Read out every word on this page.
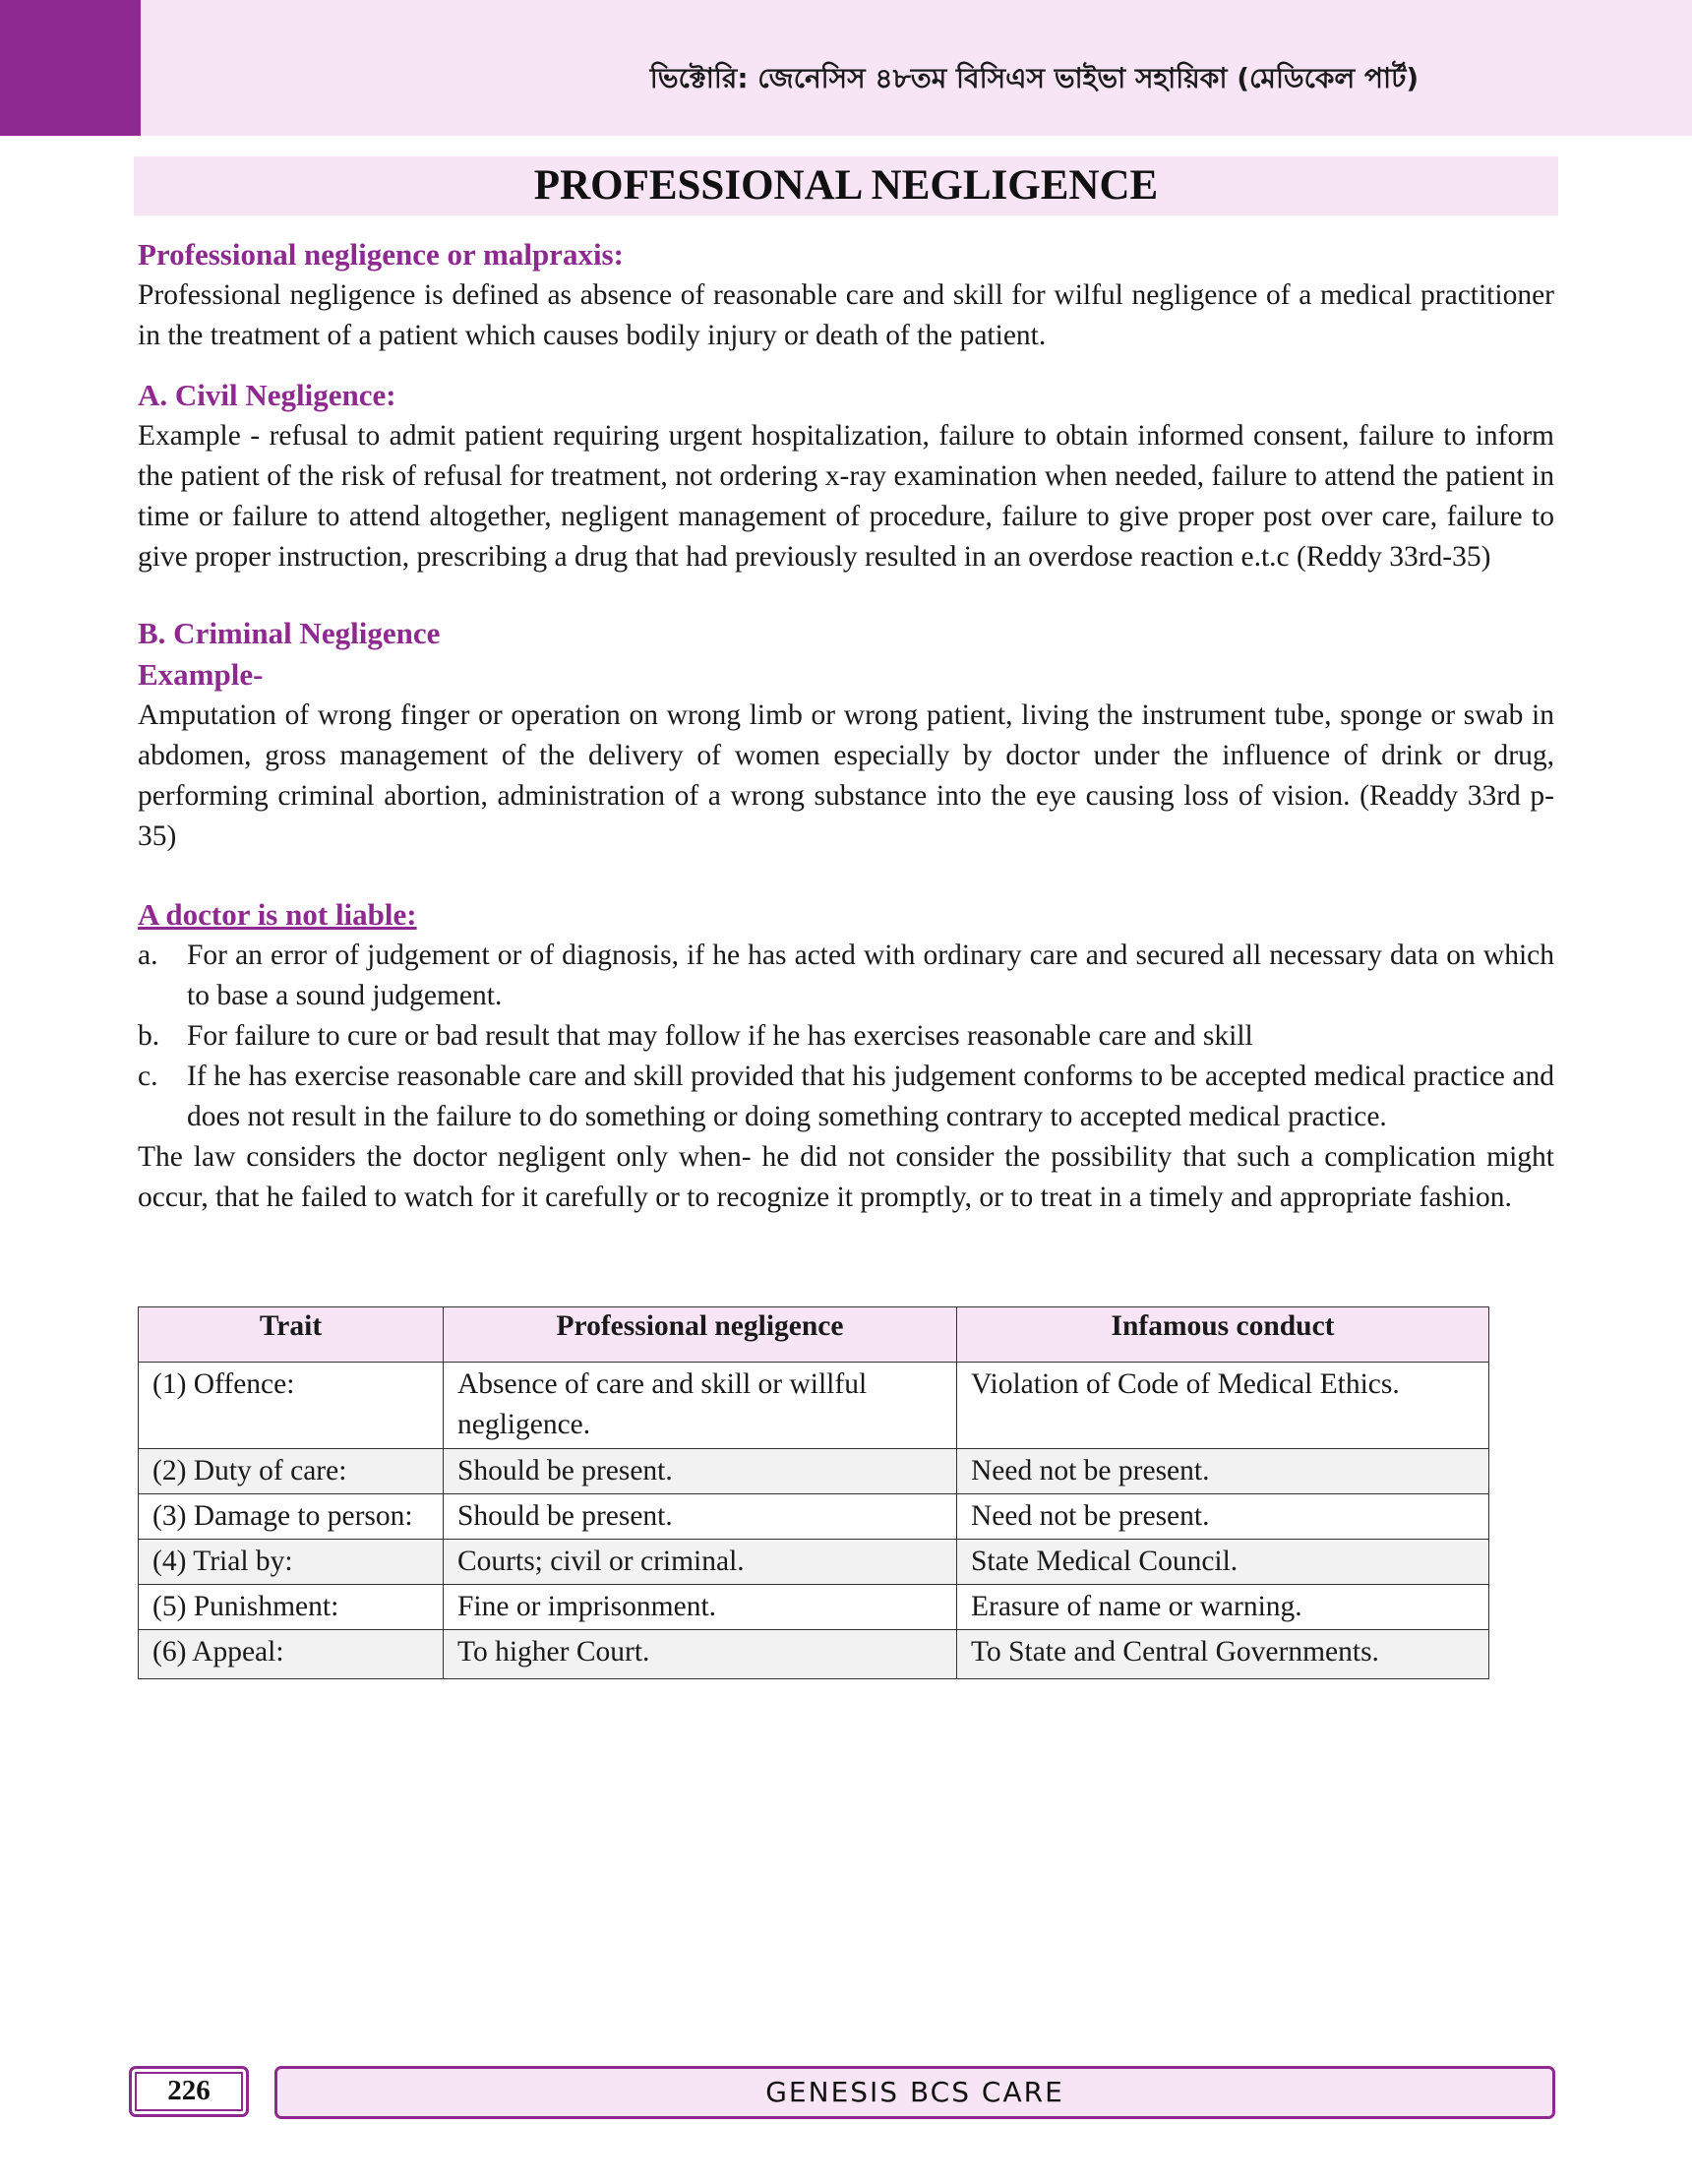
ভিক্টোরি: জেনেসিস ৪৮তম বিসিএস ভাইভা সহায়িকা (মেডিকেল পার্ট)
PROFESSIONAL NEGLIGENCE
Professional negligence or malpraxis:

Professional negligence is defined as absence of reasonable care and skill for wilful negligence of a medical practitioner in the treatment of a patient which causes bodily injury or death of the patient.

A. Civil Negligence:

Example - refusal to admit patient requiring urgent hospitalization, failure to obtain informed consent, failure to inform the patient of the risk of refusal for treatment, not ordering x-ray examination when needed, failure to attend the patient in time or failure to attend altogether, negligent management of procedure, failure to give proper post over care, failure to give proper instruction, prescribing a drug that had previously resulted in an overdose reaction e.t.c (Reddy 33rd-35)

B. Criminal Negligence
Example-

Amputation of wrong finger or operation on wrong limb or wrong patient, living the instrument tube, sponge or swab in abdomen, gross management of the delivery of women especially by doctor under the influence of drink or drug, performing criminal abortion, administration of a wrong substance into the eye causing loss of vision. (Readdy 33rd p- 35)

A doctor is not liable:
a. For an error of judgement or of diagnosis, if he has acted with ordinary care and secured all necessary data on which to base a sound judgement.
b. For failure to cure or bad result that may follow if he has exercises reasonable care and skill
c. If he has exercise reasonable care and skill provided that his judgement conforms to be accepted medical practice and does not result in the failure to do something or doing something contrary to accepted medical practice.

The law considers the doctor negligent only when- he did not consider the possibility that such a complication might occur, that he failed to watch for it carefully or to recognize it promptly, or to treat in a timely and appropriate fashion.

Trait	Professional negligence	Infamous conduct
(1) Offence:	Absence of care and skill or willful negligence.	Violation of Code of Medical Ethics.
(2) Duty of care:	Should be present.	Need not be present.
(3) Damage to person:	Should be present.	Need not be present.
(4) Trial by:	Courts; civil or criminal.	State Medical Council.
(5) Punishment:	Fine or imprisonment.	Erasure of name or warning.
(6) Appeal:	To higher Court.	To State and Central Governments.
226	GENESIS BCS CARE
